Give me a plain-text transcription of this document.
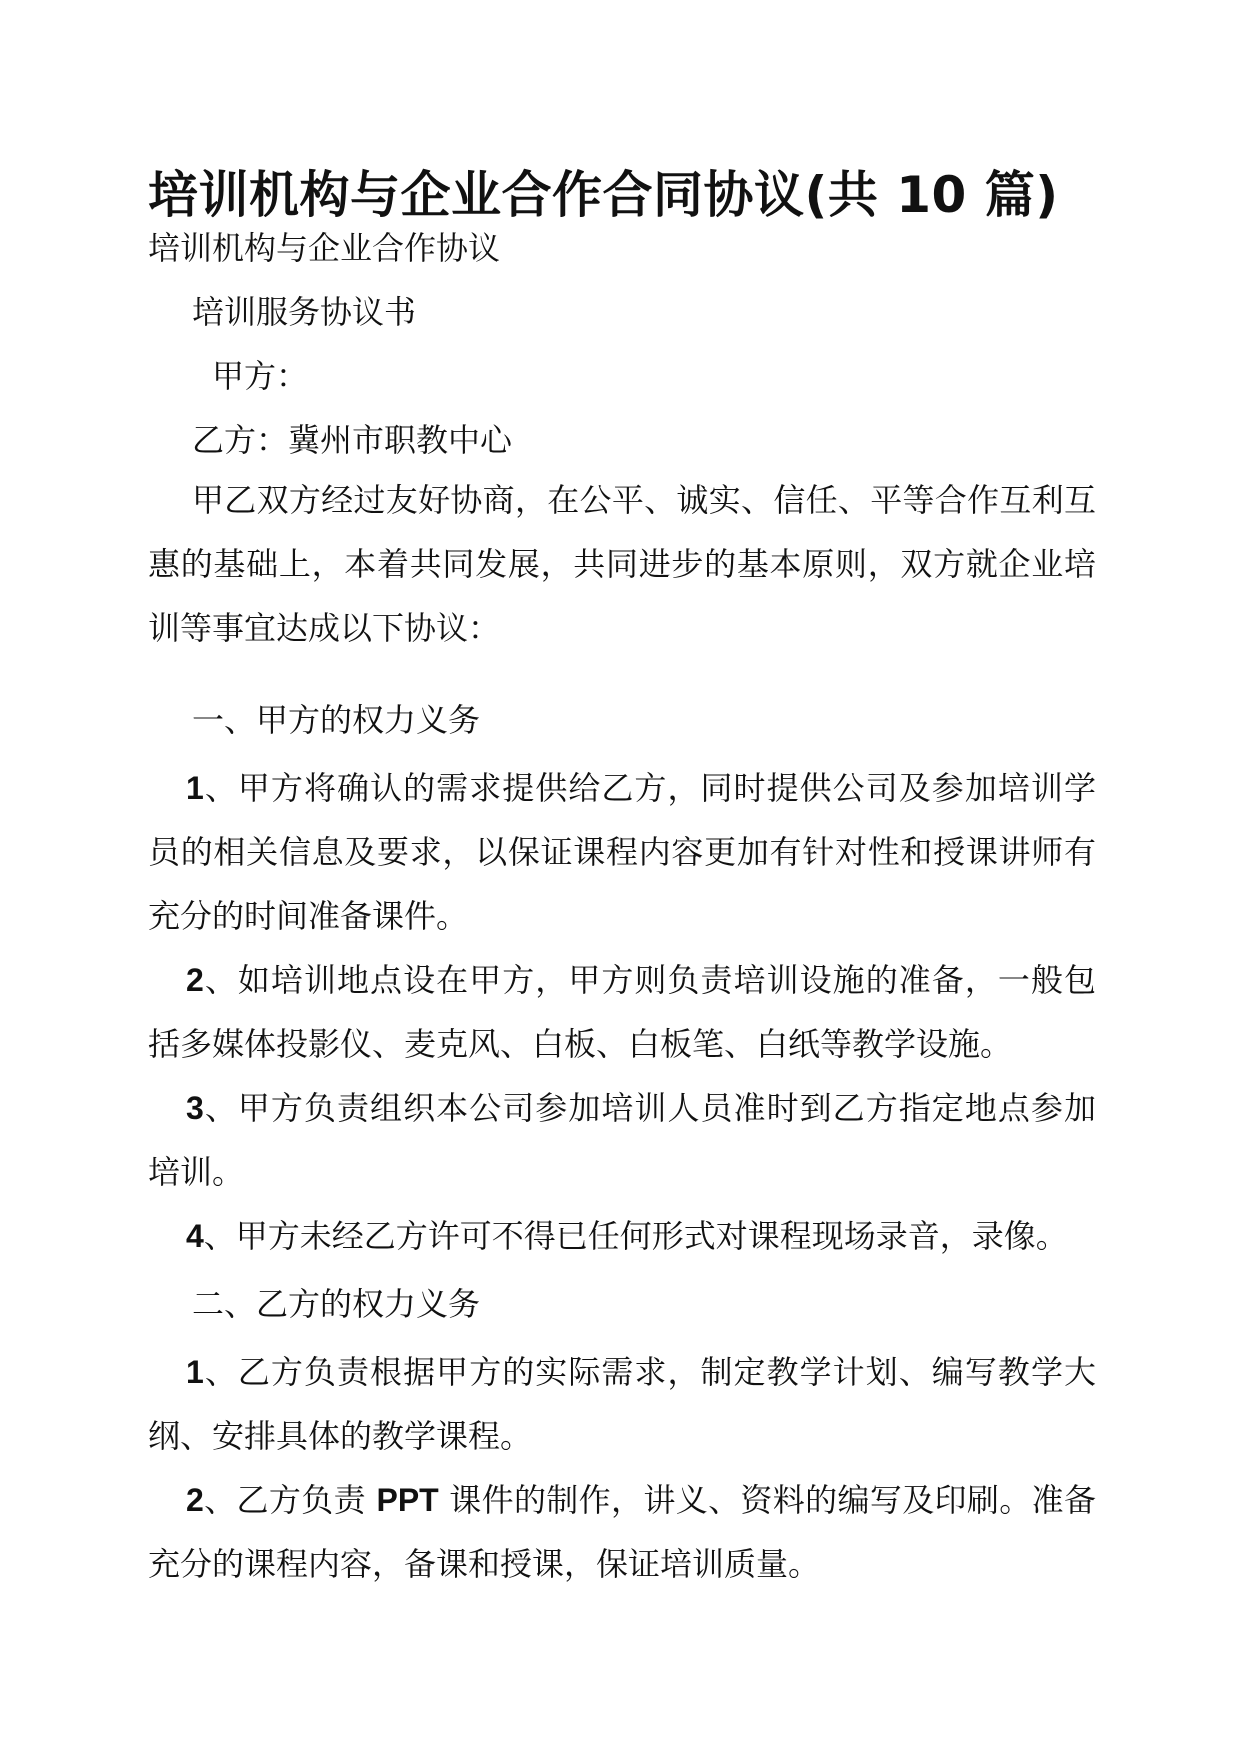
培训机构与企业合作合同协议(共 10 篇)
培训机构与企业合作协议
培训服务协议书
甲方：
乙方：冀州市职教中心
甲乙双方经过友好协商，在公平、诚实、信任、平等合作互利互惠的基础上，本着共同发展，共同进步的基本原则，双方就企业培训等事宜达成以下协议：
一、甲方的权力义务
1、甲方将确认的需求提供给乙方，同时提供公司及参加培训学员的相关信息及要求，以保证课程内容更加有针对性和授课讲师有充分的时间准备课件。
2、如培训地点设在甲方，甲方则负责培训设施的准备，一般包括多媒体投影仪、麦克风、白板、白板笔、白纸等教学设施。
3、甲方负责组织本公司参加培训人员准时到乙方指定地点参加培训。
4、甲方未经乙方许可不得已任何形式对课程现场录音，录像。
二、乙方的权力义务
1、乙方负责根据甲方的实际需求，制定教学计划、编写教学大纲、安排具体的教学课程。
2、乙方负责 PPT 课件的制作，讲义、资料的编写及印刷。准备充分的课程内容，备课和授课，保证培训质量。
